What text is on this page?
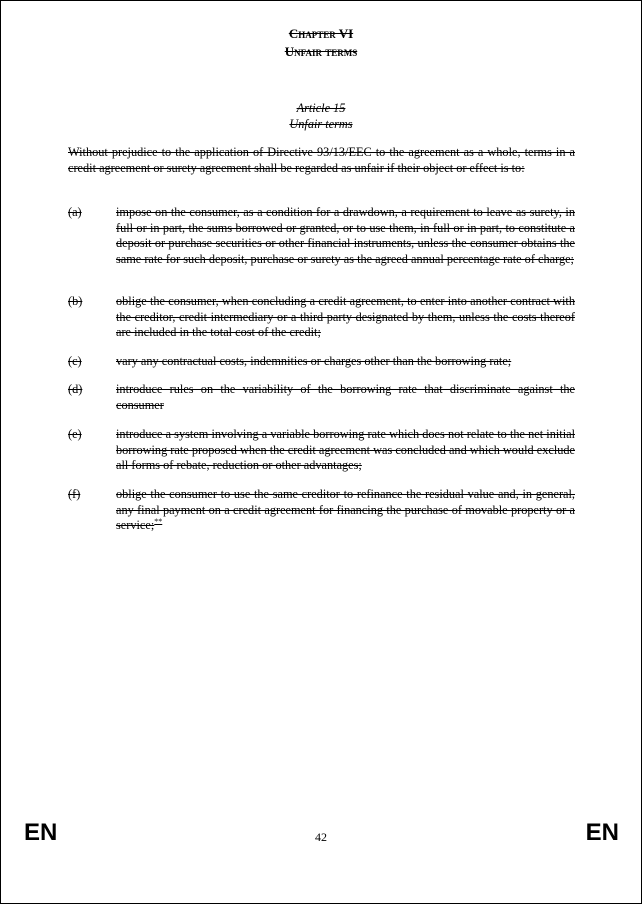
Chapter VI
Unfair terms
Article 15
Unfair terms
Without prejudice to the application of Directive 93/13/EEC to the agreement as a whole, terms in a credit agreement or surety agreement shall be regarded as unfair if their object or effect is to:
(a)	impose on the consumer, as a condition for a drawdown, a requirement to leave as surety, in full or in part, the sums borrowed or granted, or to use them, in full or in part, to constitute a deposit or purchase securities or other financial instruments, unless the consumer obtains the same rate for such deposit, purchase or surety as the agreed annual percentage rate of charge;
(b)	oblige the consumer, when concluding a credit agreement, to enter into another contract with the creditor, credit intermediary or a third party designated by them, unless the costs thereof are included in the total cost of the credit;
(c)	vary any contractual costs, indemnities or charges other than the borrowing rate;
(d)	introduce rules on the variability of the borrowing rate that discriminate against the consumer
(e)	introduce a system involving a variable borrowing rate which does not relate to the net initial borrowing rate proposed when the credit agreement was concluded and which would exclude all forms of rebate, reduction or other advantages;
(f)	oblige the consumer to use the same creditor to refinance the residual value and, in general, any final payment on a credit agreement for financing the purchase of movable property or a service;**
EN	42	EN
